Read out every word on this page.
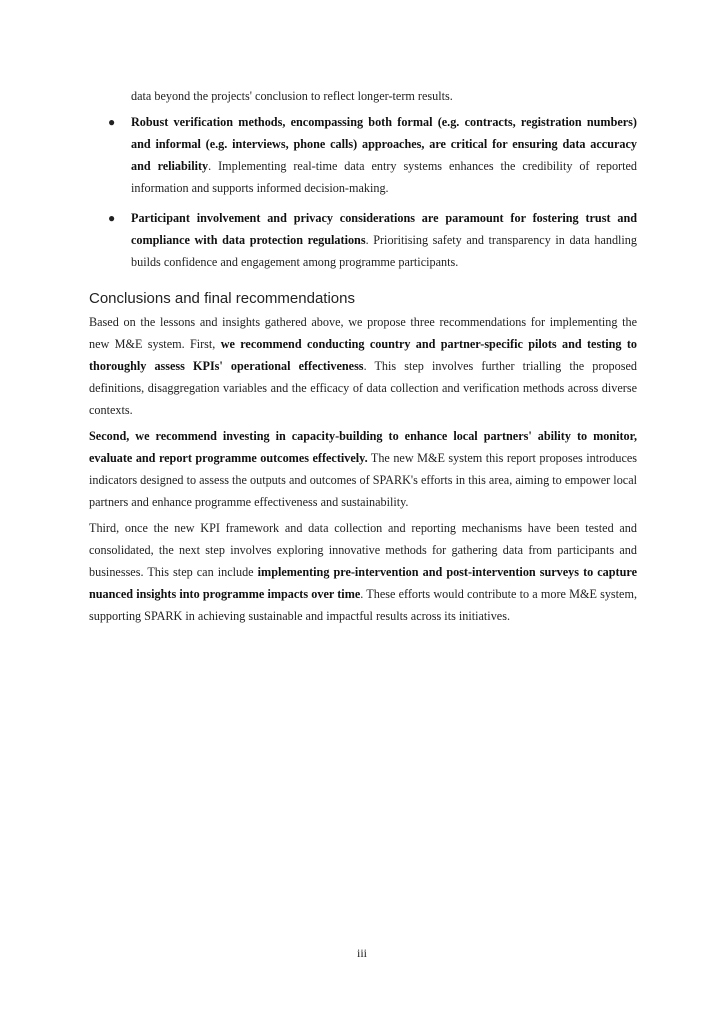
data beyond the projects' conclusion to reflect longer-term results.

● Robust verification methods, encompassing both formal (e.g. contracts, registration numbers) and informal (e.g. interviews, phone calls) approaches, are critical for ensuring data accuracy and reliability. Implementing real-time data entry systems enhances the credibility of reported information and supports informed decision-making.
● Participant involvement and privacy considerations are paramount for fostering trust and compliance with data protection regulations. Prioritising safety and transparency in data handling builds confidence and engagement among programme participants.
Conclusions and final recommendations

Based on the lessons and insights gathered above, we propose three recommendations for implementing the new M&E system. First, we recommend conducting country and partner-specific pilots and testing to thoroughly assess KPIs' operational effectiveness. This step involves further trialling the proposed definitions, disaggregation variables and the efficacy of data collection and verification methods across diverse contexts.

Second, we recommend investing in capacity-building to enhance local partners' ability to monitor, evaluate and report programme outcomes effectively. The new M&E system this report proposes introduces indicators designed to assess the outputs and outcomes of SPARK's efforts in this area, aiming to empower local partners and enhance programme effectiveness and sustainability.

Third, once the new KPI framework and data collection and reporting mechanisms have been tested and consolidated, the next step involves exploring innovative methods for gathering data from participants and businesses. This step can include implementing pre-intervention and post-intervention surveys to capture nuanced insights into programme impacts over time. These efforts would contribute to a more M&E system, supporting SPARK in achieving sustainable and impactful results across its initiatives.

iii
